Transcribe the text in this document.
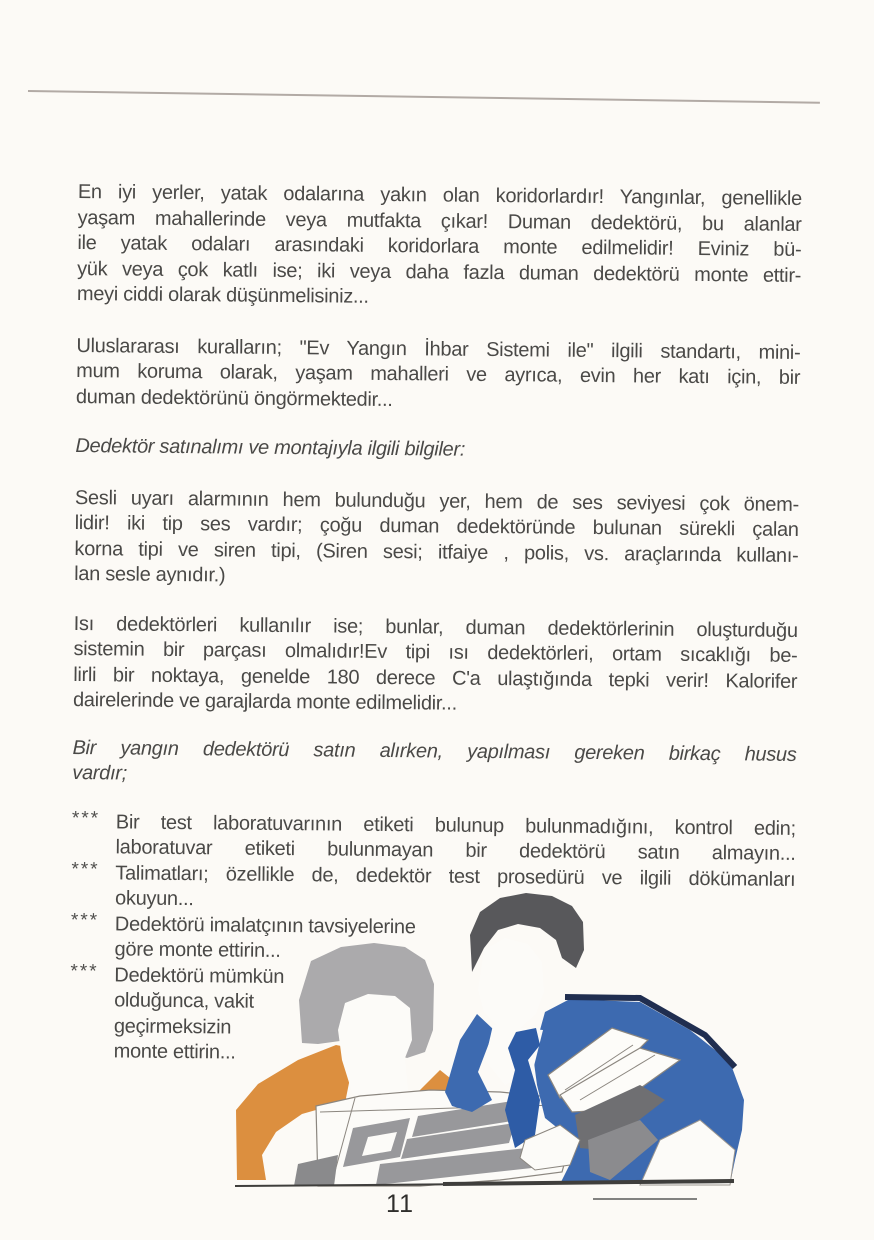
En iyi yerler, yatak odalarına yakın olan koridorlardır! Yangınlar, genellikle
yaşam mahallerinde veya mutfakta çıkar! Duman dedektörü, bu alanlar
ile yatak odaları arasındaki koridorlara monte edilmelidir! Eviniz bü-
yük veya çok katlı ise; iki veya daha fazla duman dedektörü monte ettir-
meyi ciddi olarak düşünmelisiniz...
Uluslararası kuralların; "Ev Yangın İhbar Sistemi ile" ilgili standartı, mini-
mum koruma olarak, yaşam mahalleri ve ayrıca, evin her katı için, bir
duman dedektörünü öngörmektedir...
Dedektör satınalımı ve montajıyla ilgili bilgiler:
Sesli uyarı alarmının hem bulunduğu yer, hem de ses seviyesi çok önem-
lidir! iki tip ses vardır; çoğu duman dedektöründe bulunan sürekli çalan
korna tipi ve siren tipi, (Siren sesi; itfaiye , polis, vs. araçlarında kullanı-
lan sesle aynıdır.)
Isı dedektörleri kullanılır ise; bunlar, duman dedektörlerinin oluşturduğu
sistemin bir parçası olmalıdır!Ev tipi ısı dedektörleri, ortam sıcaklığı be-
lirli bir noktaya, genelde 180 derece C'a ulaştığında tepki verir! Kalorifer
dairelerinde ve garajlarda monte edilmelidir...
Bir yangın dedektörü satın alırken, yapılması gereken birkaç husus
vardır;
*** Bir test laboratuvarının etiketi bulunup bulunmadığını, kontrol edin;
laboratuvar etiketi bulunmayan bir dedektörü satın almayın...
*** Talimatları; özellikle de, dedektör test prosedürü ve ilgili dökümanları
okuyun...
*** Dedektörü imalatçının tavsiyelerine
göre monte ettirin...
*** Dedektörü mümkün
olduğunca, vakit
geçirmeksizin
monte ettirin...
11
